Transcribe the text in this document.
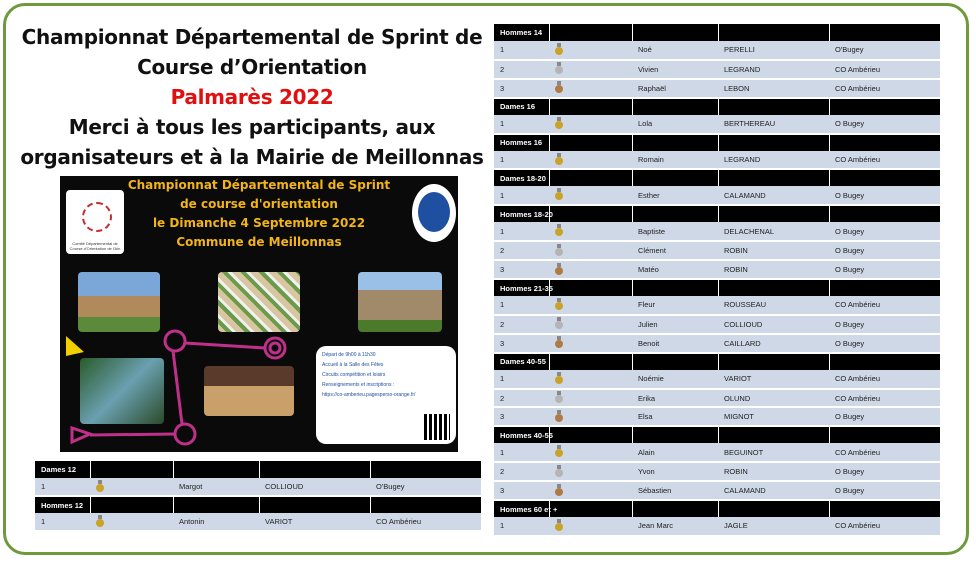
Championnat Départemental de Sprint de
Course d’Orientation
Palmarès 2022
Merci à tous les participants, aux
organisateurs et à la Mairie de Meillonnas
Championnat Départemental de Sprint
de course d'orientation
le Dimanche 4 Septembre 2022
Commune de Meillonnas
Comité Départemental de Course d'Orientation de l'Ain
Départ de 9h00 à 11h30
Accueil à la Salle des Fêtes
Circuits compétition et loisirs
Renseignements et inscriptions :
https://co-amberieu.pagesperso-orange.fr/
Hommes 14				
1		Noé	PERELLI	O'Bugey
2		Vivien	LEGRAND	CO Ambérieu
3		Raphaël	LEBON	CO Ambérieu
Dames 16				
1		Lola	BERTHEREAU	O Bugey
Hommes 16				
1		Romain	LEGRAND	CO Ambérieu
Dames 18-20				
1		Esther	CALAMAND	O Bugey
Hommes 18-20				
1		Baptiste	DELACHENAL	O Bugey
2		Clément	ROBIN	O Bugey
3		Matéo	ROBIN	O Bugey
Hommes 21-35				
1		Fleur	ROUSSEAU	CO Ambérieu
2		Julien	COLLIOUD	O Bugey
3		Benoit	CAILLARD	O Bugey
Dames 40-55				
1		Noémie	VARIOT	CO Ambérieu
2		Erika	OLUND	CO Ambérieu
3		Elsa	MIGNOT	O Bugey
Hommes 40-55				
1		Alain	BEGUINOT	CO Ambérieu
2		Yvon	ROBIN	O Bugey
3		Sébastien	CALAMAND	O Bugey
Hommes 60 et +				
1		Jean Marc	JAGLE	CO Ambérieu
Dames 12				
1		Margot	COLLIOUD	O'Bugey
Hommes 12				
1		Antonin	VARIOT	CO Ambérieu
